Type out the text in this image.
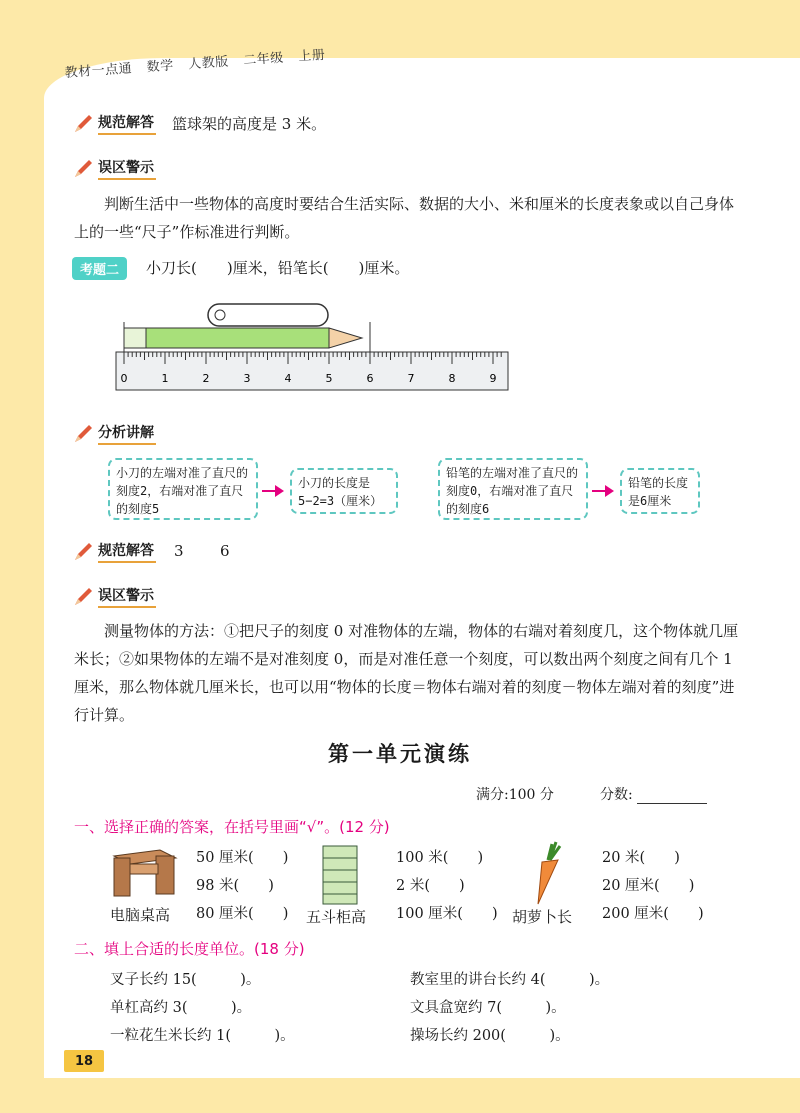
教材一点通 数学 人教版 二年级 上册
规范解答 篮球架的高度是 3 米。
误区警示
判断生活中一些物体的高度时要结合生活实际、数据的大小、米和厘米的长度表象或以自己身体上的一些“尺子”作标准进行判断。
考题二	小刀长(　　)厘米，铅笔长(　　)厘米。
0	1	2	3	4	5	6	7	8	9
分析讲解
小刀的左端对准了直尺的刻度2，右端对准了直尺的刻度5
小刀的长度是5−2=3（厘米）
铅笔的左端对准了直尺的刻度0，右端对准了直尺的刻度6
铅笔的长度是6厘米
规范解答 3 6
误区警示
测量物体的方法：①把尺子的刻度 0 对准物体的左端，物体的右端对着刻度几，这个物体就几厘米长；②如果物体的左端不是对准刻度 0，而是对准任意一个刻度，可以数出两个刻度之间有几个 1 厘米，那么物体就几厘米长，也可以用“物体的长度＝物体右端对着的刻度－物体左端对着的刻度”进行计算。
第一单元演练
满分:100 分	分数:
一、选择正确的答案，在括号里画“√”。(12 分)
50 厘米(　　)
98 米(　　)
80 厘米(　　)
电脑桌高
100 米(　　)
2 米(　　)
100 厘米(　　)
五斗柜高
20 米(　　)
20 厘米(　　)
200 厘米(　　)
胡萝卜长
二、填上合适的长度单位。(18 分)
叉子长约 15(　　　)。	教室里的讲台长约 4(　　　)。
单杠高约 3(　　　)。	文具盒宽约 7(　　　)。
一粒花生米长约 1(　　　)。	操场长约 200(　　　)。
18
